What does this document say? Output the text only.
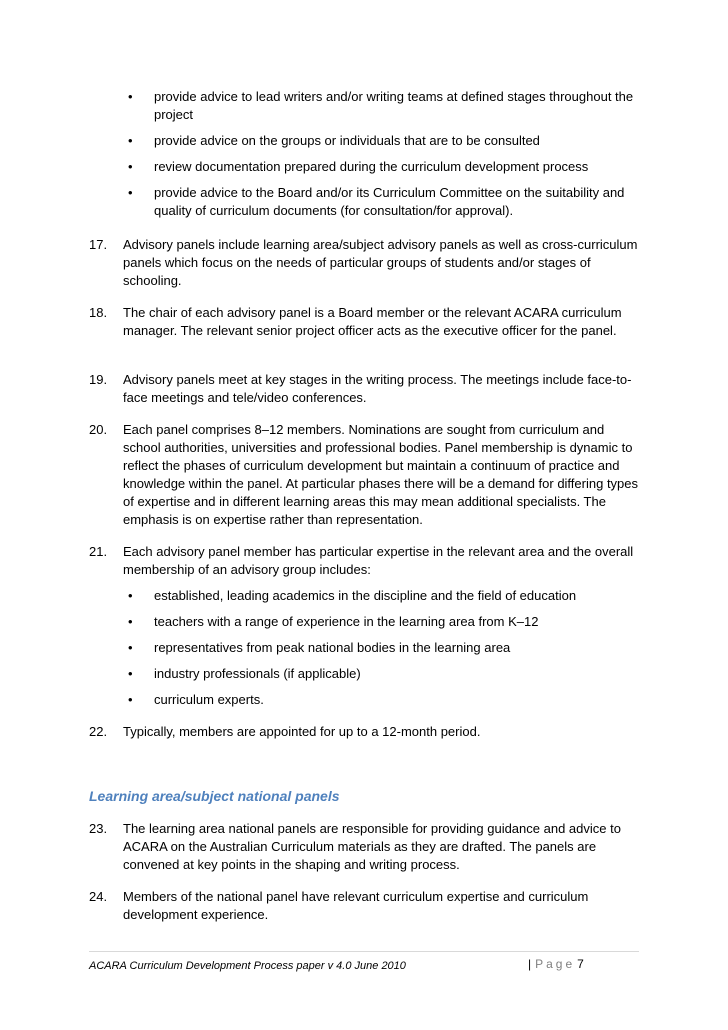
•	provide advice to lead writers and/or writing teams at defined stages throughout the project
•	provide advice on the groups or individuals that are to be consulted
•	review documentation prepared during the curriculum development process
•	provide advice to the Board and/or its Curriculum Committee on the suitability and quality of curriculum documents (for consultation/for approval).
17. Advisory panels include learning area/subject advisory panels as well as cross-curriculum panels which focus on the needs of particular groups of students and/or stages of schooling.
18. The chair of each advisory panel is a Board member or the relevant ACARA curriculum manager. The relevant senior project officer acts as the executive officer for the panel.
19. Advisory panels meet at key stages in the writing process. The meetings include face-to-face meetings and tele/video conferences.
20. Each panel comprises 8–12 members. Nominations are sought from curriculum and school authorities, universities and professional bodies. Panel membership is dynamic to reflect the phases of curriculum development but maintain a continuum of practice and knowledge within the panel. At particular phases there will be a demand for differing types of expertise and in different learning areas this may mean additional specialists. The emphasis is on expertise rather than representation.
21. Each advisory panel member has particular expertise in the relevant area and the overall membership of an advisory group includes:
•	established, leading academics in the discipline and the field of education
•	teachers with a range of experience in the learning area from K–12
•	representatives from peak national bodies in the learning area
•	industry professionals (if applicable)
•	curriculum experts.
22. Typically, members are appointed for up to a 12-month period.
Learning area/subject national panels
23. The learning area national panels are responsible for providing guidance and advice to ACARA on the Australian Curriculum materials as they are drafted. The panels are convened at key points in the shaping and writing process.
24. Members of the national panel have relevant curriculum expertise and curriculum development experience.
ACARA Curriculum Development Process paper v 4.0 June 2010	| Page 7
